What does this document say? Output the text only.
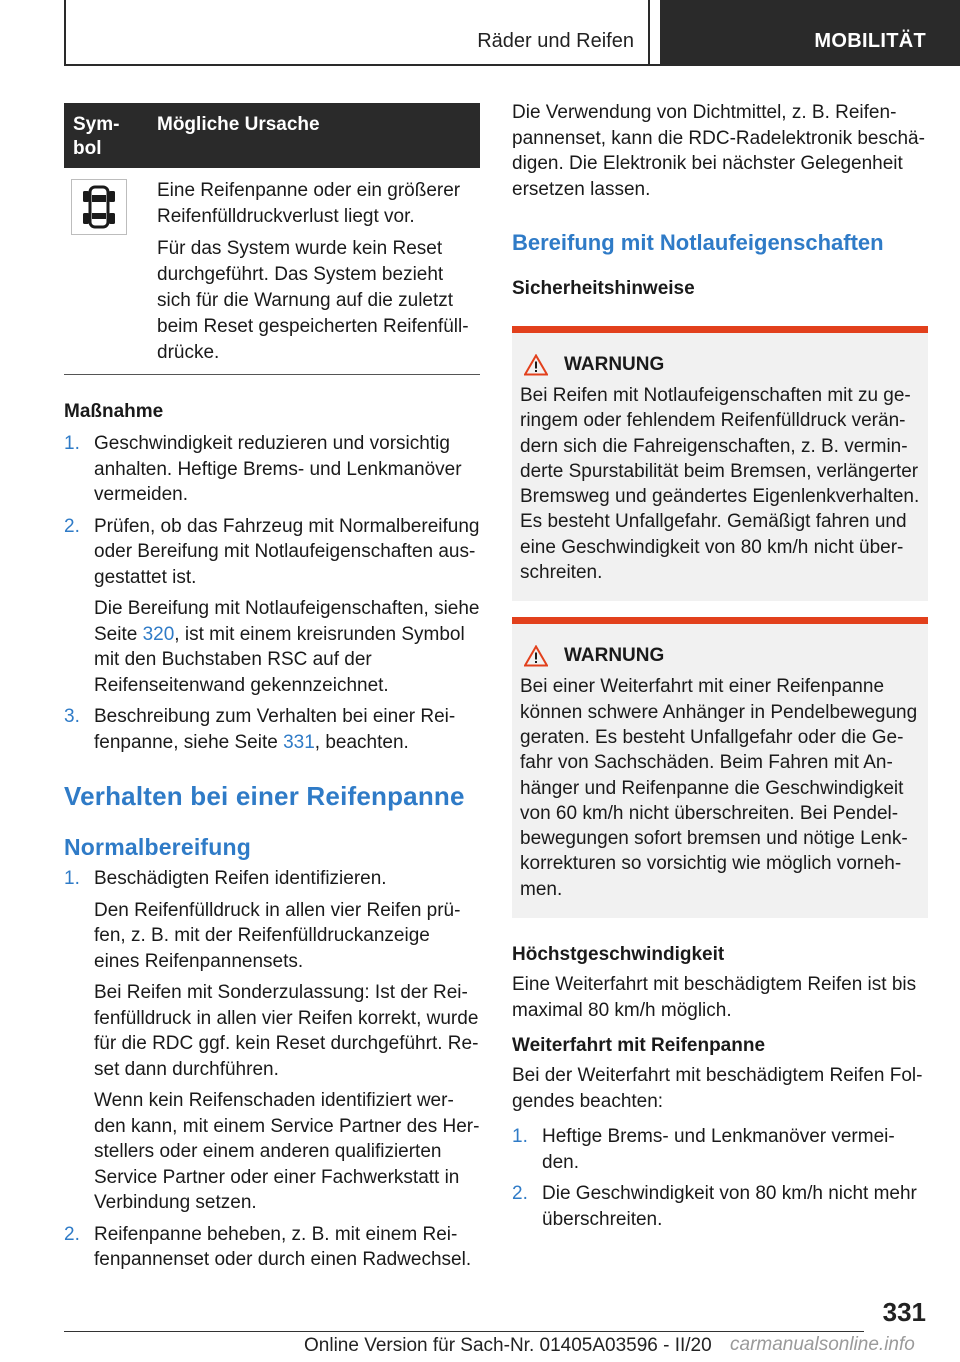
Räder und Reifen	MOBILITÄT
Sym-
bol
Mögliche Ursache

Eine Reifenpanne oder ein größerer Reifenfülldruckverlust liegt vor.

Für das System wurde kein Reset durchgeführt. Das System bezieht sich für die Warnung auf die zuletzt beim Reset gespeicherten Reifenfüll-drücke.

Maßnahme
1. Geschwindigkeit reduzieren und vorsichtig anhalten. Heftige Brems- und Lenkmanöver vermeiden.
2. Prüfen, ob das Fahrzeug mit Normalbereifung oder Bereifung mit Notlaufeigenschaften aus-gestattet ist.

Die Bereifung mit Notlaufeigenschaften, siehe Seite 320, ist mit einem kreisrunden Symbol mit den Buchstaben RSC auf der Reifenseitenwand gekennzeichnet.

3. Beschreibung zum Verhalten bei einer Rei-fenpanne, siehe Seite 331, beachten.
Verhalten bei einer Reifenpanne
Normalbereifung
1. Beschädigten Reifen identifizieren.

Den Reifenfülldruck in allen vier Reifen prü-fen, z. B. mit der Reifenfülldruckanzeige eines Reifenpannensets.

Bei Reifen mit Sonderzulassung: Ist der Rei-fenfülldruck in allen vier Reifen korrekt, wurde für die RDC ggf. kein Reset durchgeführt. Re-set dann durchführen.

Wenn kein Reifenschaden identifiziert wer-den kann, mit einem Service Partner des Her-stellers oder einem anderen qualifizierten Service Partner oder einer Fachwerkstatt in Verbindung setzen.

2. Reifenpanne beheben, z. B. mit einem Rei-fenpannenset oder durch einen Radwechsel.

Die Verwendung von Dichtmittel, z. B. Reifen-pannenset, kann die RDC-Radelektronik beschä-digen. Die Elektronik bei nächster Gelegenheit ersetzen lassen.

Bereifung mit Notlaufeigenschaften
Sicherheitshinweise
WARNUNG

Bei Reifen mit Notlaufeigenschaften mit zu ge-ringem oder fehlendem Reifenfülldruck verän-dern sich die Fahreigenschaften, z. B. vermin-derte Spurstabilität beim Bremsen, verlängerter Bremsweg und geändertes Eigenlenkverhalten. Es besteht Unfallgefahr. Gemäßigt fahren und eine Geschwindigkeit von 80 km/h nicht über-schreiten.

WARNUNG

Bei einer Weiterfahrt mit einer Reifenpanne können schwere Anhänger in Pendelbewegung geraten. Es besteht Unfallgefahr oder die Ge-fahr von Sachschäden. Beim Fahren mit An-hänger und Reifenpanne die Geschwindigkeit von 60 km/h nicht überschreiten. Bei Pendel-bewegungen sofort bremsen und nötige Lenk-korrekturen so vorsichtig wie möglich vorneh-men.

Höchstgeschwindigkeit

Eine Weiterfahrt mit beschädigtem Reifen ist bis maximal 80 km/h möglich.

Weiterfahrt mit Reifenpanne

Bei der Weiterfahrt mit beschädigtem Reifen Fol-gendes beachten:

1. Heftige Brems- und Lenkmanöver vermei-den.
2. Die Geschwindigkeit von 80 km/h nicht mehr überschreiten.
331
Online Version für Sach-Nr. 01405A03596 - II/20 carmanualsonline.info
